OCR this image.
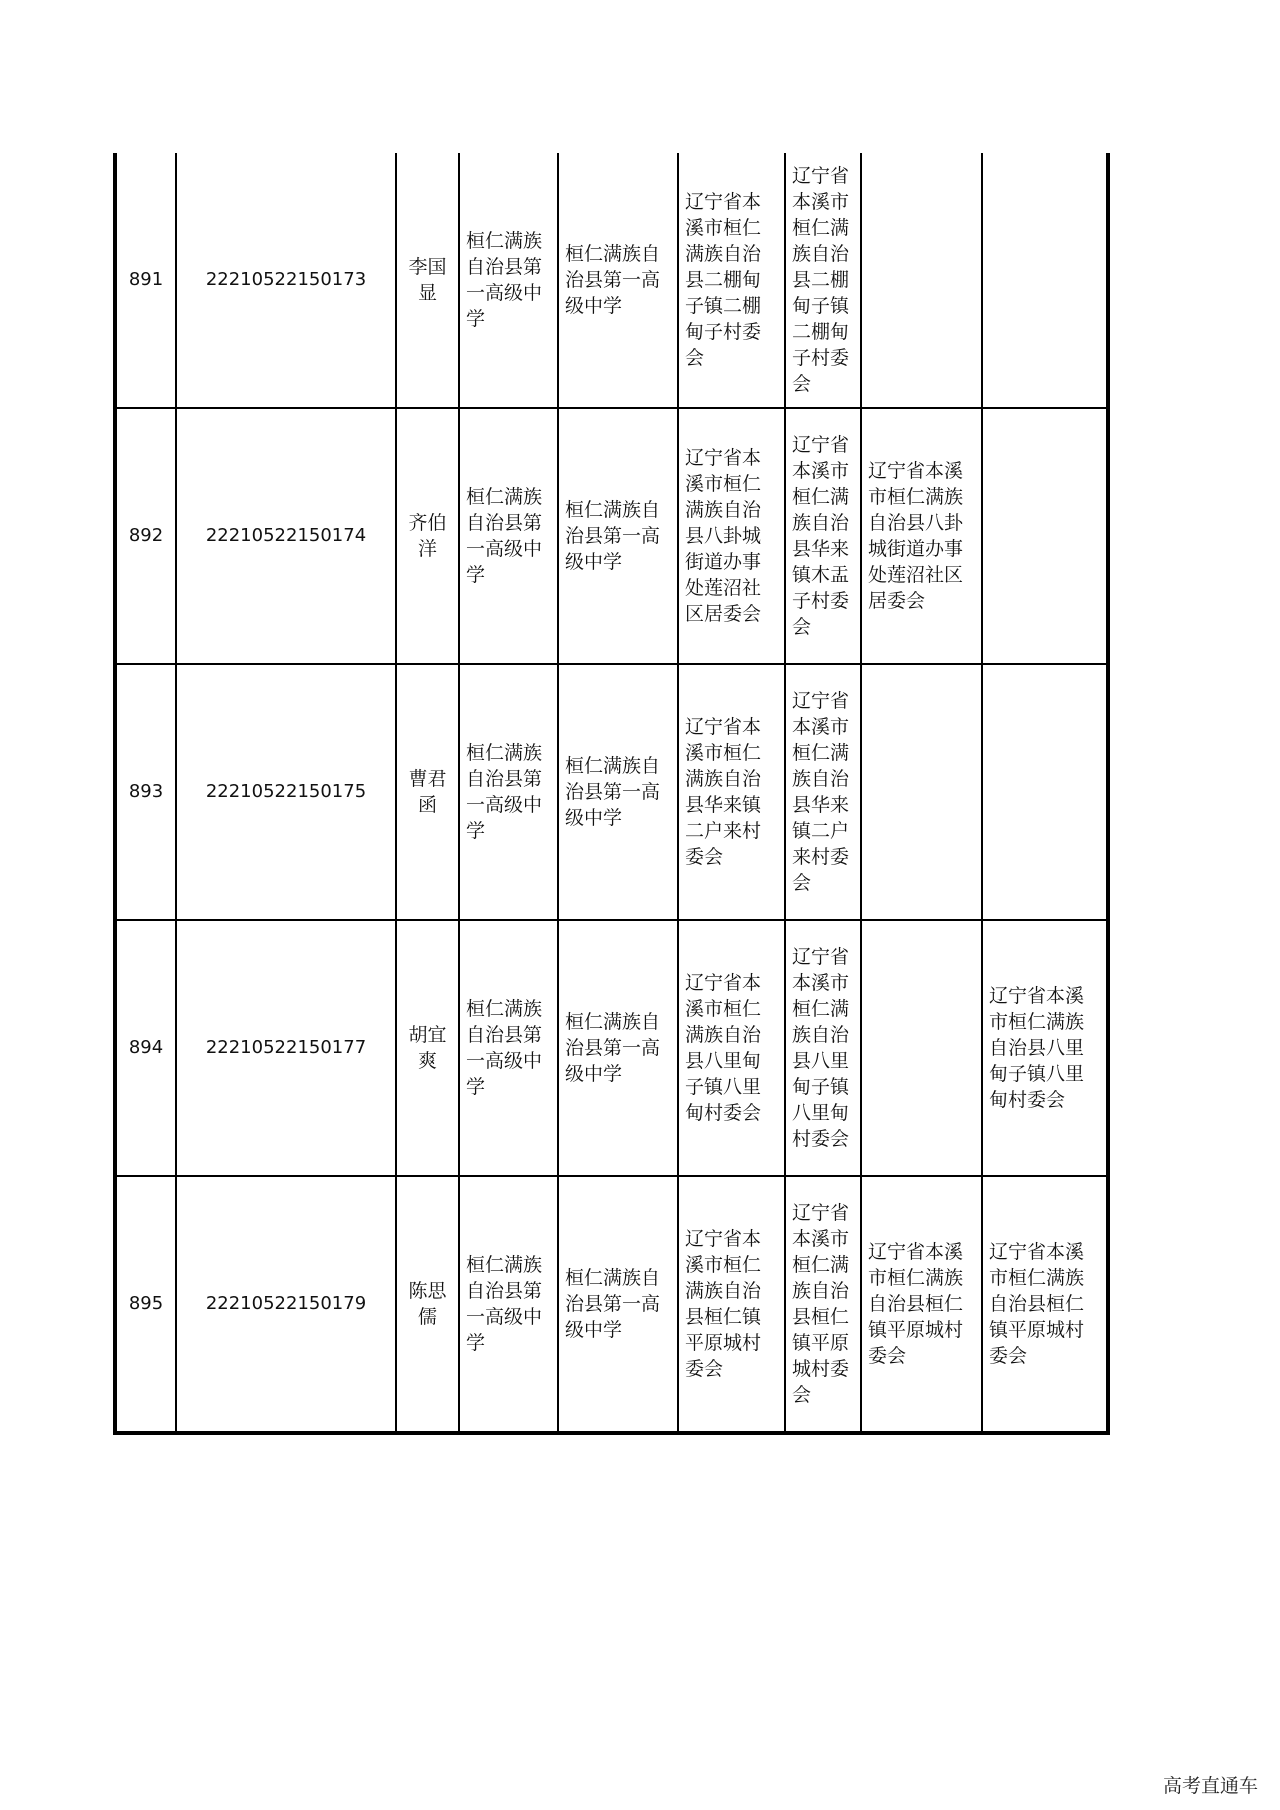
891	22210522150173	李国显	桓仁满族自治县第一高级中学	桓仁满族自治县第一高级中学	辽宁省本溪市桓仁满族自治县二棚甸子镇二棚甸子村委会	辽宁省本溪市桓仁满族自治县二棚甸子镇二棚甸子村委会		
892	22210522150174	齐伯洋	桓仁满族自治县第一高级中学	桓仁满族自治县第一高级中学	辽宁省本溪市桓仁满族自治县八卦城街道办事处莲沼社区居委会	辽宁省本溪市桓仁满族自治县华来镇木盂子村委会	辽宁省本溪市桓仁满族自治县八卦城街道办事处莲沼社区居委会	
893	22210522150175	曹君函	桓仁满族自治县第一高级中学	桓仁满族自治县第一高级中学	辽宁省本溪市桓仁满族自治县华来镇二户来村委会	辽宁省本溪市桓仁满族自治县华来镇二户来村委会		
894	22210522150177	胡宜爽	桓仁满族自治县第一高级中学	桓仁满族自治县第一高级中学	辽宁省本溪市桓仁满族自治县八里甸子镇八里甸村委会	辽宁省本溪市桓仁满族自治县八里甸子镇八里甸村委会		辽宁省本溪市桓仁满族自治县八里甸子镇八里甸村委会
895	22210522150179	陈思儒	桓仁满族自治县第一高级中学	桓仁满族自治县第一高级中学	辽宁省本溪市桓仁满族自治县桓仁镇平原城村委会	辽宁省本溪市桓仁满族自治县桓仁镇平原城村委会	辽宁省本溪市桓仁满族自治县桓仁镇平原城村委会	辽宁省本溪市桓仁满族自治县桓仁镇平原城村委会
高考直通车
